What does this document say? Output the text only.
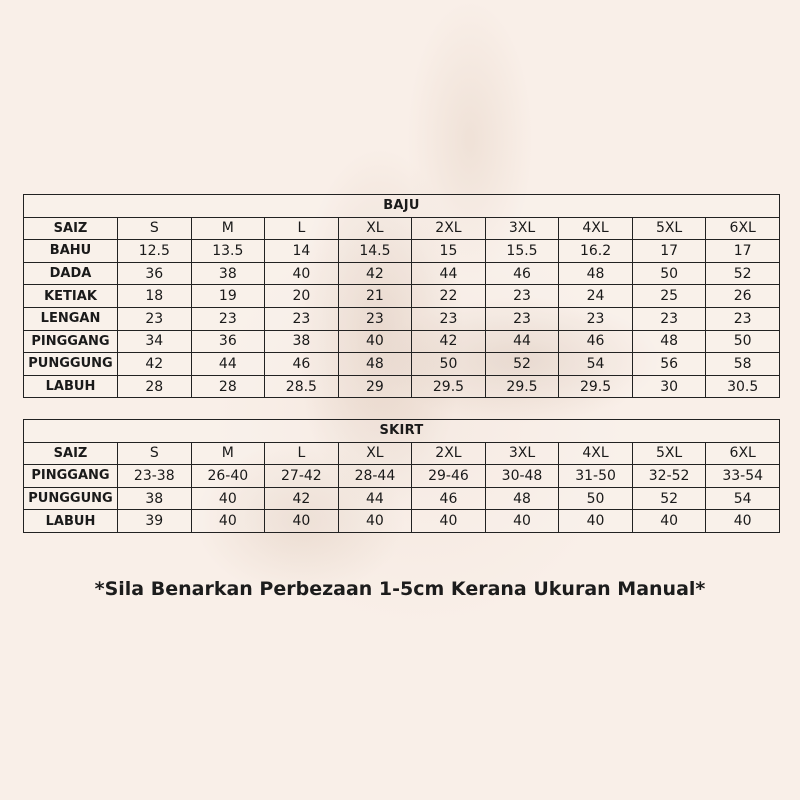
BAJU									
SAIZ	S	M	L	XL	2XL	3XL	4XL	5XL	6XL
BAHU	12.5	13.5	14	14.5	15	15.5	16.2	17	17
DADA	36	38	40	42	44	46	48	50	52
KETIAK	18	19	20	21	22	23	24	25	26
LENGAN	23	23	23	23	23	23	23	23	23
PINGGANG	34	36	38	40	42	44	46	48	50
PUNGGUNG	42	44	46	48	50	52	54	56	58
LABUH	28	28	28.5	29	29.5	29.5	29.5	30	30.5
SKIRT									
SAIZ	S	M	L	XL	2XL	3XL	4XL	5XL	6XL
PINGGANG	23-38	26-40	27-42	28-44	29-46	30-48	31-50	32-52	33-54
PUNGGUNG	38	40	42	44	46	48	50	52	54
LABUH	39	40	40	40	40	40	40	40	40
*Sila Benarkan Perbezaan 1-5cm Kerana Ukuran Manual*
